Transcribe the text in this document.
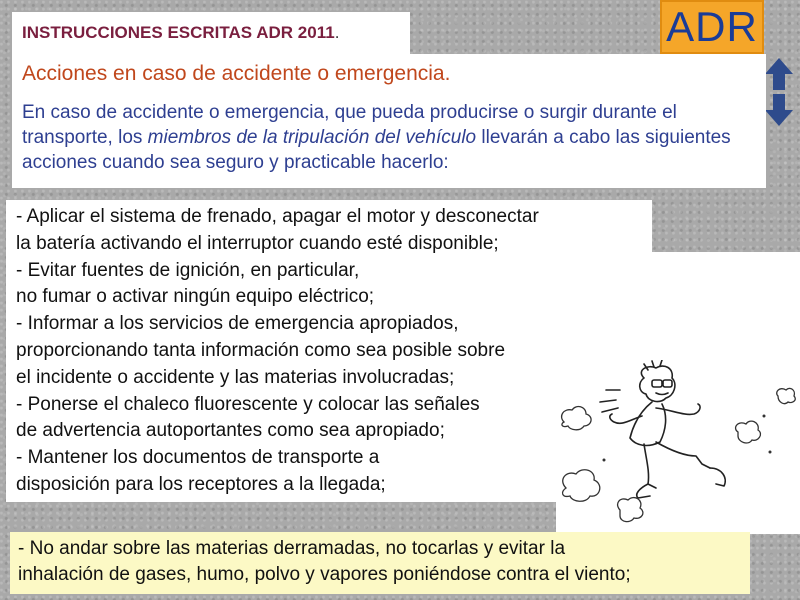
INSTRUCCIONES ESCRITAS ADR 2011.	ADR
Acciones en caso de accidente o emergencia.
En caso de accidente o emergencia, que pueda producirse o surgir durante el transporte, los miembros de la tripulación del vehículo llevarán a cabo las siguientes acciones cuando sea seguro y practicable hacerlo:
- Aplicar el sistema de frenado, apagar el motor y desconectar
la batería activando el interruptor cuando esté disponible;
- Evitar fuentes de ignición, en particular,
no fumar o activar ningún equipo eléctrico;
- Informar a los servicios de emergencia apropiados,
proporcionando tanta información como sea posible sobre
el incidente o accidente y las materias involucradas;
- Ponerse el chaleco fluorescente y colocar las señales
de advertencia autoportantes como sea apropiado;
- Mantener los documentos de transporte a
disposición para los receptores a la llegada;
- No andar sobre las materias derramadas, no tocarlas y evitar la
inhalación de gases, humo, polvo y vapores poniéndose contra el viento;
